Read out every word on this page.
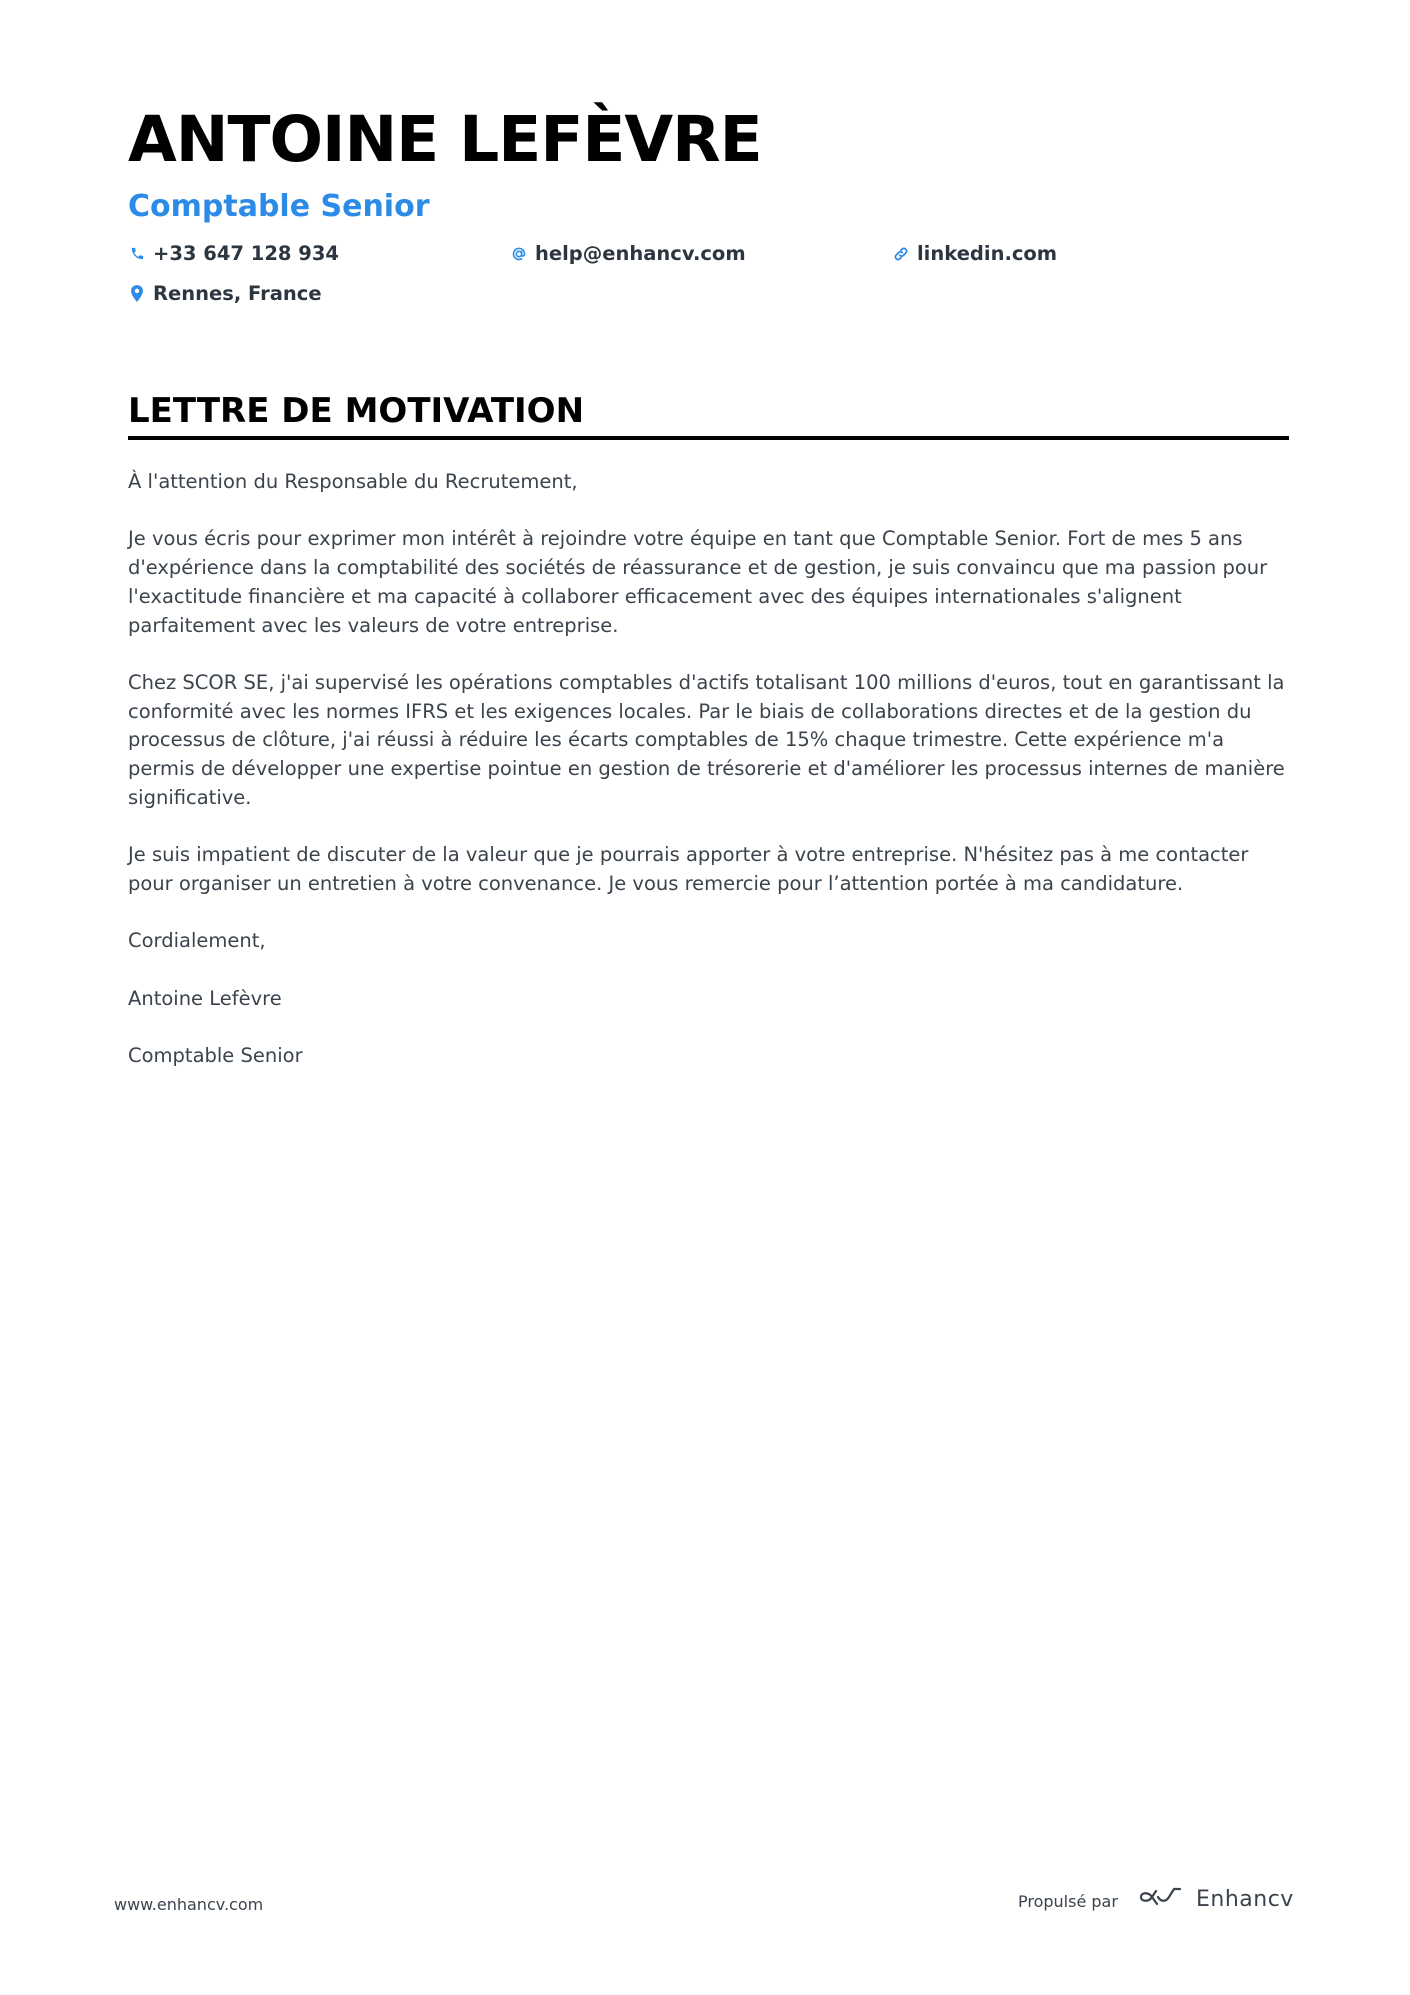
ANTOINE LEFÈVRE
Comptable Senior
+33 647 128 934	help@enhancv.com	linkedin.com
Rennes, France
LETTRE DE MOTIVATION

À l'attention du Responsable du Recrutement,

Je vous écris pour exprimer mon intérêt à rejoindre votre équipe en tant que Comptable Senior. Fort de mes 5 ans d'expérience dans la comptabilité des sociétés de réassurance et de gestion, je suis convaincu que ma passion pour l'exactitude financière et ma capacité à collaborer efficacement avec des équipes internationales s'alignent parfaitement avec les valeurs de votre entreprise.

Chez SCOR SE, j'ai supervisé les opérations comptables d'actifs totalisant 100 millions d'euros, tout en garantissant la conformité avec les normes IFRS et les exigences locales. Par le biais de collaborations directes et de la gestion du processus de clôture, j'ai réussi à réduire les écarts comptables de 15% chaque trimestre. Cette expérience m'a permis de développer une expertise pointue en gestion de trésorerie et d'améliorer les processus internes de manière significative.

Je suis impatient de discuter de la valeur que je pourrais apporter à votre entreprise. N'hésitez pas à me contacter pour organiser un entretien à votre convenance. Je vous remercie pour l’attention portée à ma candidature.

Cordialement,

Antoine Lefèvre

Comptable Senior

www.enhancv.com	Propulsé par	Enhancv
